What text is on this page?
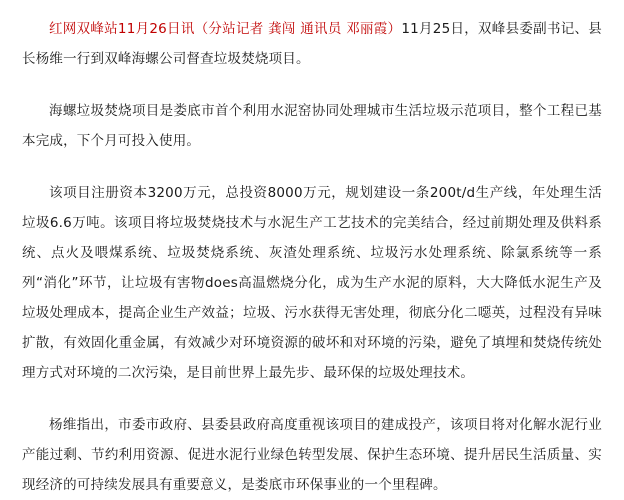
红网双峰站11月26日讯（分站记者 龚闯 通讯员 邓丽霞）11月25日，双峰县委副书记、县长杨维一行到双峰海螺公司督查垃圾焚烧项目。

海螺垃圾焚烧项目是娄底市首个利用水泥窑协同处理城市生活垃圾示范项目，整个工程已基本完成，下个月可投入使用。

该项目注册资本3200万元，总投资8000万元，规划建设一条200t/d生产线，年处理生活垃圾6.6万吨。该项目将垃圾焚烧技术与水泥生产工艺技术的完美结合，经过前期处理及供料系统、点火及喂煤系统、垃圾焚烧系统、灰渣处理系统、垃圾污水处理系统、除氯系统等一系列“消化”环节，让垃圾有害物does高温燃烧分化，成为生产水泥的原料，大大降低水泥生产及垃圾处理成本，提高企业生产效益；垃圾、污水获得无害处理，彻底分化二噁英，过程没有异味扩散，有效固化重金属，有效减少对环境资源的破坏和对环境的污染，避免了填埋和焚烧传统处理方式对环境的二次污染，是目前世界上最先步、最环保的垃圾处理技术。

杨维指出，市委市政府、县委县政府高度重视该项目的建成投产，该项目将对化解水泥行业产能过剩、节约利用资源、促进水泥行业绿色转型发展、保护生态环境、提升居民生活质量、实现经济的可持续发展具有重要意义，是娄底市环保事业的一个里程碑。
